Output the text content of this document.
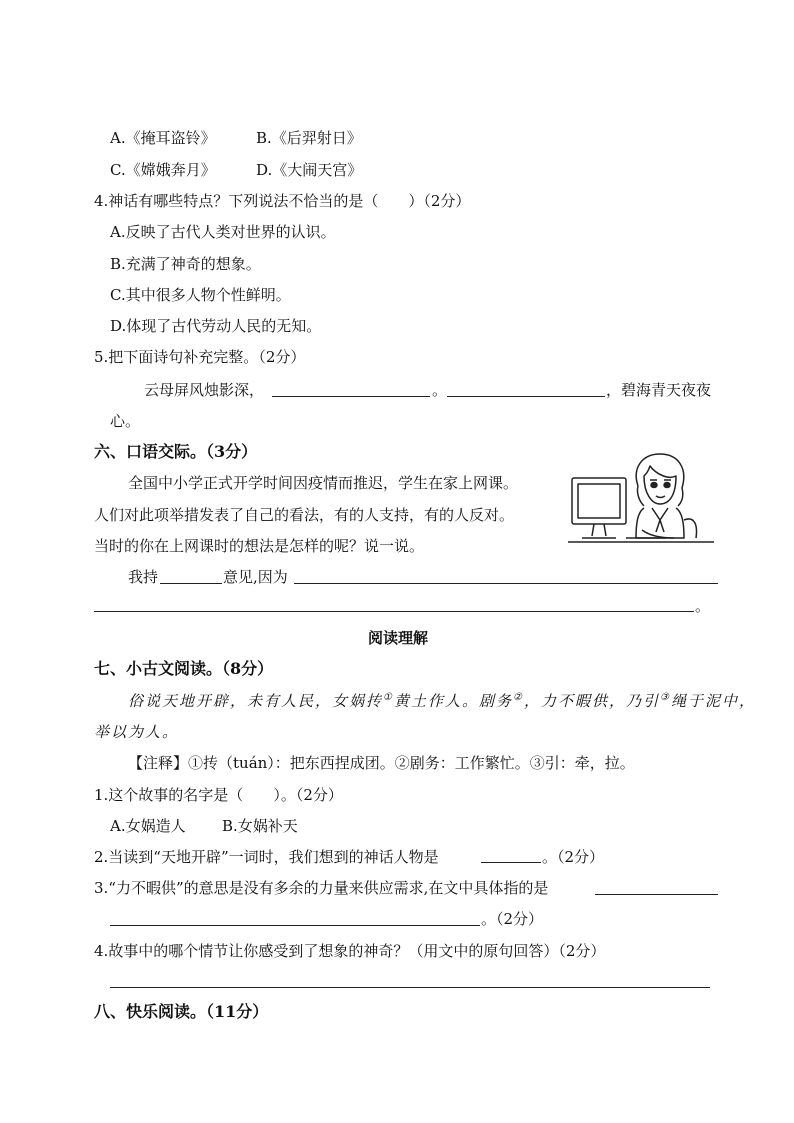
A.《掩耳盗铃》	B.《后羿射日》
C.《嫦娥奔月》	D.《大闹天宫》
4.神话有哪些特点？下列说法不恰当的是（　　）（2分）
A.反映了古代人类对世界的认识。
B.充满了神奇的想象。
C.其中很多人物个性鲜明。
D.体现了古代劳动人民的无知。
5.把下面诗句补充完整。（2分）
云母屏风烛影深，	。	，碧海青天夜夜
心。
六、口语交际。（3分）
全国中小学正式开学时间因疫情而推迟，学生在家上网课。
人们对此项举措发表了自己的看法，有的人支持，有的人反对。
当时的你在上网课时的想法是怎样的呢？说一说。
我持	意见,因为
。
阅读理解
七、小古文阅读。（8分）
俗说天地开辟，未有人民，女娲抟①黄土作人。剧务②，力不暇供，乃引③绳于泥中，
举以为人。
【注释】①抟（tuán）：把东西捏成团。②剧务：工作繁忙。③引：牵，拉。
1.这个故事的名字是（　　）。（2分）
A.女娲造人 B.女娲补天
2.当读到“天地开辟”一词时，我们想到的神话人物是	。（2分）
3.“力不暇供”的意思是没有多余的力量来供应需求,在文中具体指的是
。（2分）
4.故事中的哪个情节让你感受到了想象的神奇？（用文中的原句回答）（2分）
八、快乐阅读。（11分）
